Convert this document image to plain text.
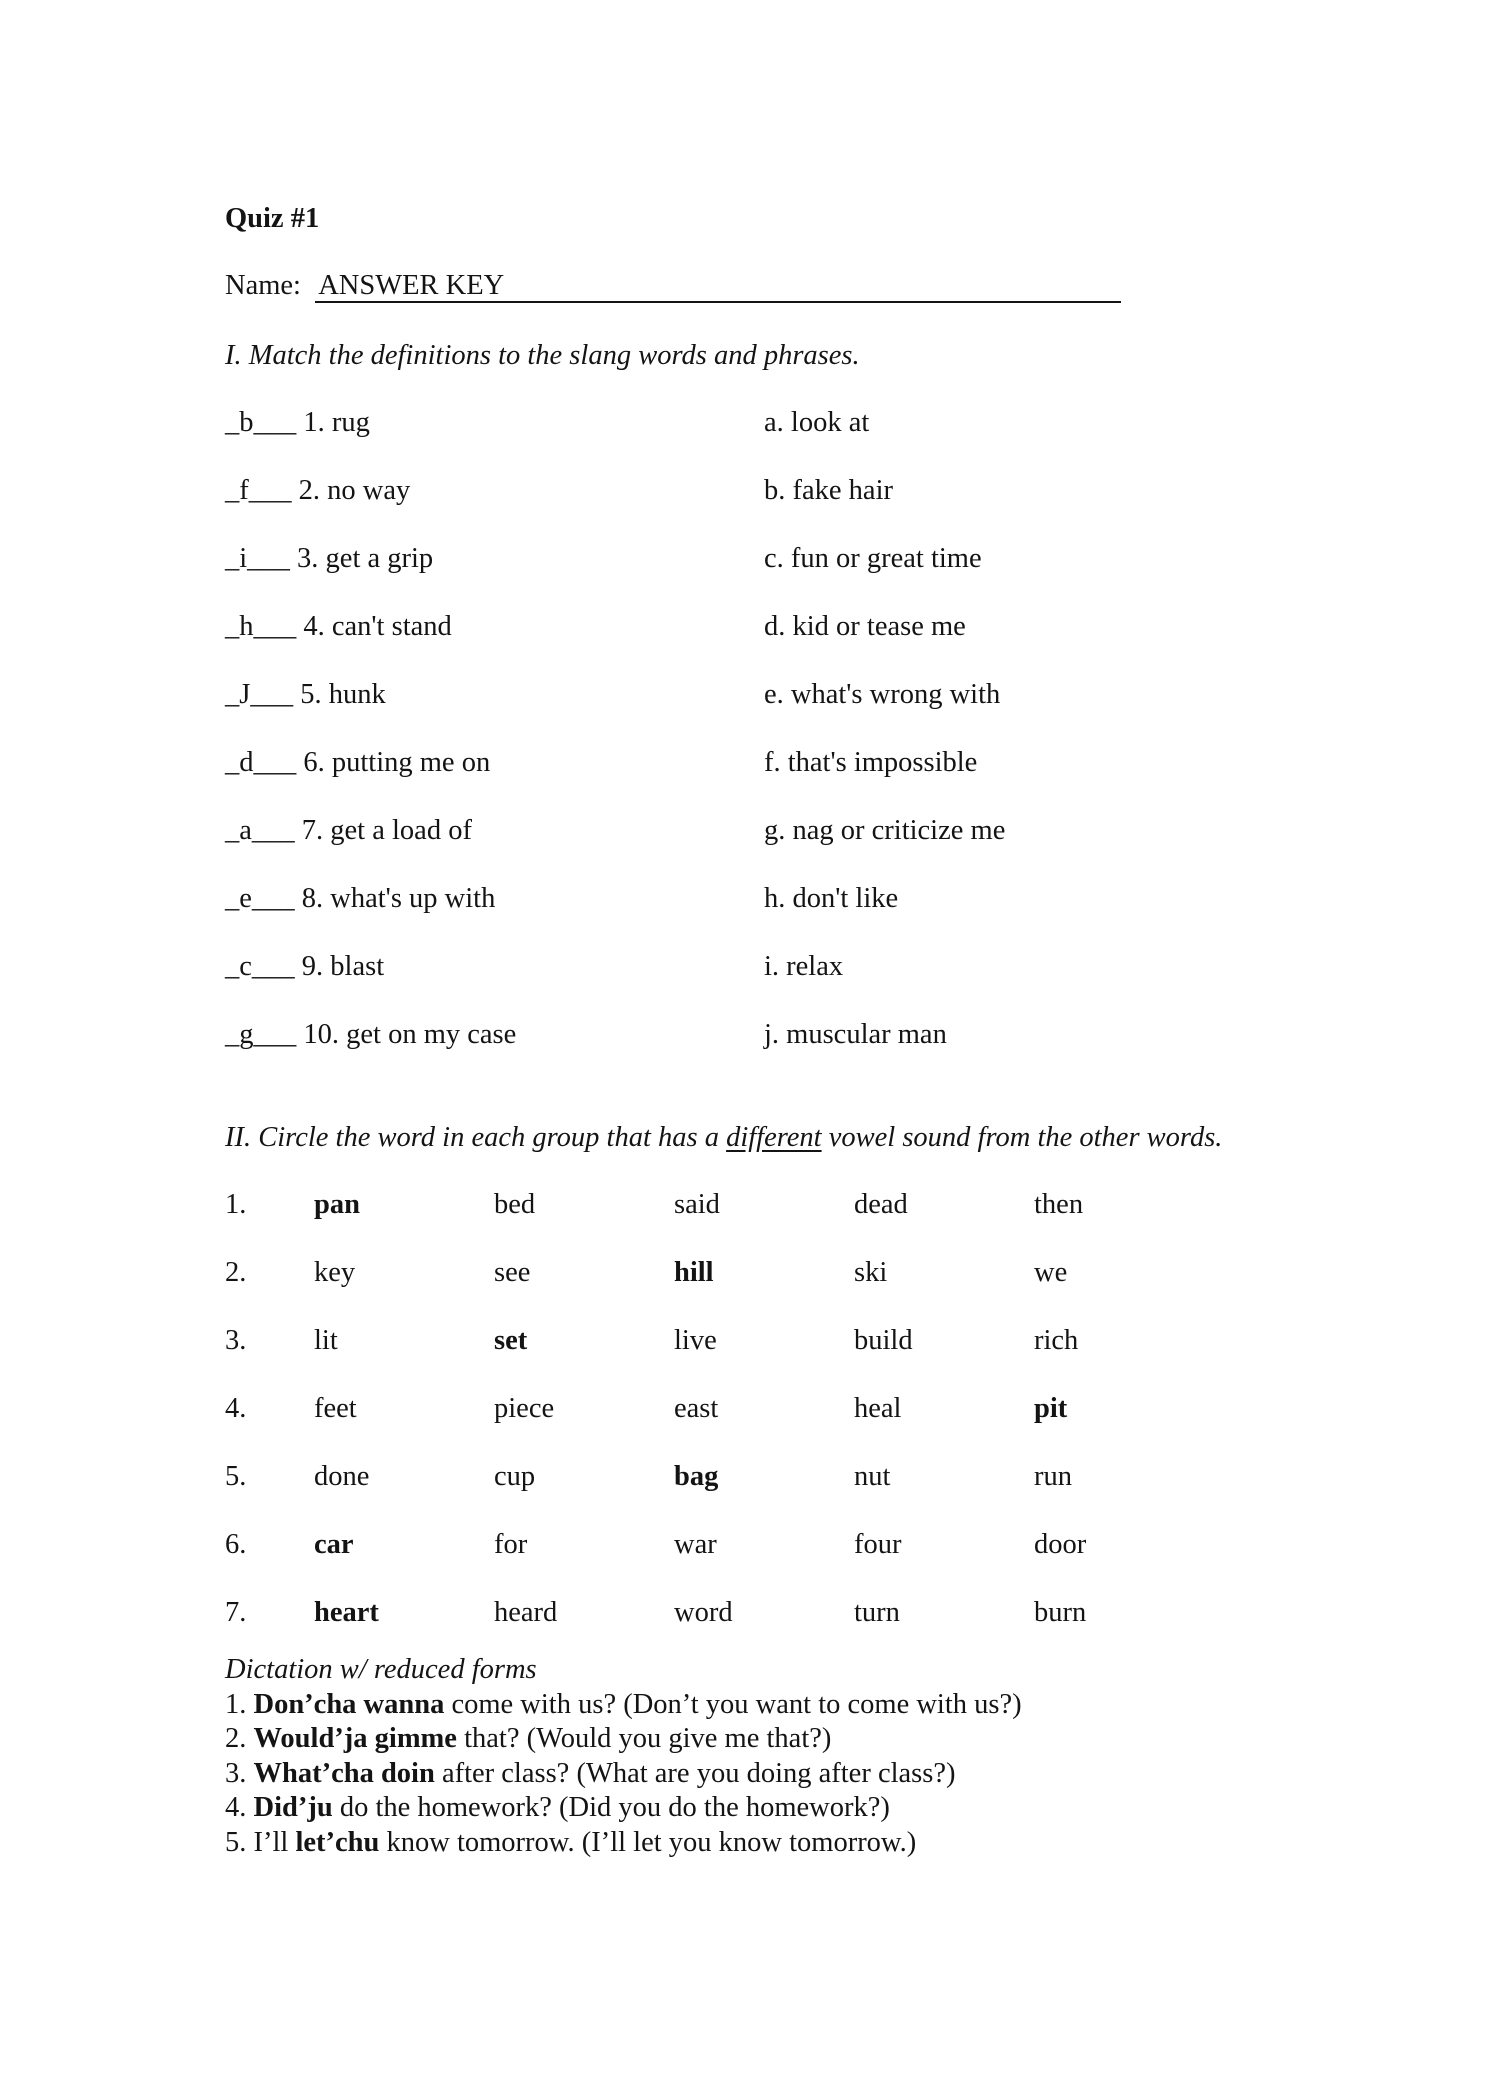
Quiz #1
Name: ANSWER KEY
I. Match the definitions to the slang words and phrases.
_b___ 1. rug	a. look at
_f___ 2. no way	b. fake hair
_i___ 3. get a grip	c. fun or great time
_h___ 4. can't stand	d. kid or tease me
_J___ 5. hunk	e. what's wrong with
_d___ 6. putting me on	f. that's impossible
_a___ 7. get a load of	g. nag or criticize me
_e___ 8. what's up with	h. don't like
_c___ 9. blast	i. relax
_g___ 10. get on my case	j. muscular man
II. Circle the word in each group that has a different vowel sound from the other words.
1. pan	bed	said	dead	then
2. key	see	hill	ski	we
3. lit	set	live	build	rich
4. feet	piece	east	heal	pit
5. done	cup	bag	nut	run
6. car	for	war	four	door
7. heart	heard	word	turn	burn
Dictation w/ reduced forms
1. Don’cha wanna come with us? (Don’t you want to come with us?)
2. Would’ja gimme that? (Would you give me that?)
3. What’cha doin after class? (What are you doing after class?)
4. Did’ju do the homework? (Did you do the homework?)
5. I’ll let’chu know tomorrow. (I’ll let you know tomorrow.)
